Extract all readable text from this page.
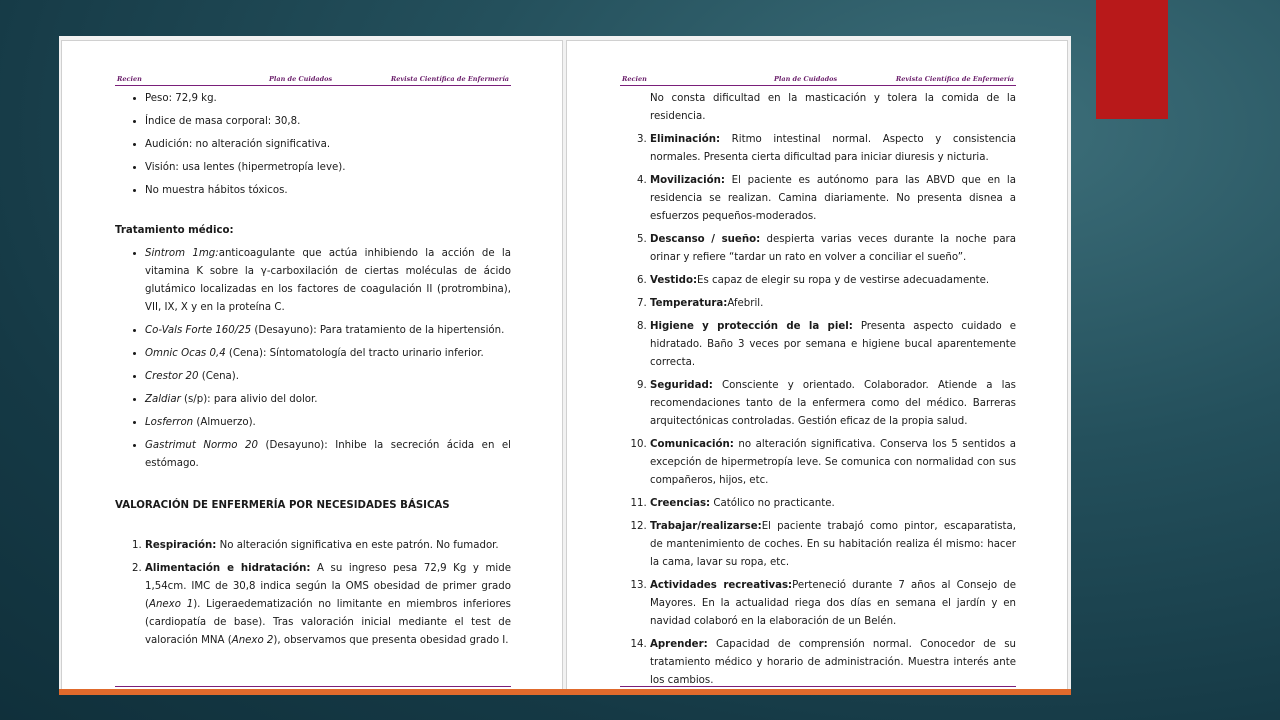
Recien	Plan de Cuidados	Revista Científica de Enfermería
• Peso: 72,9 kg.
• Índice de masa corporal: 30,8.
• Audición: no alteración significativa.
• Visión: usa lentes (hipermetropía leve).
• No muestra hábitos tóxicos.

Tratamiento médico:

• Sintrom 1mg:anticoagulante que actúa inhibiendo la acción de la vitamina K sobre la γ-carboxilación de ciertas moléculas de ácido glutámico localizadas en los factores de coagulación II (protrombina), VII, IX, X y en la proteína C.
• Co-Vals Forte 160/25 (Desayuno): Para tratamiento de la hipertensión.
• Omnic Ocas 0,4 (Cena): Síntomatología del tracto urinario inferior.
• Crestor 20 (Cena).
• Zaldiar (s/p): para alivio del dolor.
• Losferron (Almuerzo).
• Gastrimut Normo 20 (Desayuno): Inhibe la secreción ácida en el estómago.

VALORACIÓN DE ENFERMERÍA POR NECESIDADES BÁSICAS

1. Respiración: No alteración significativa en este patrón. No fumador.
2. Alimentación e hidratación: A su ingreso pesa 72,9 Kg y mide 1,54cm. IMC de 30,8 indica según la OMS obesidad de primer grado (Anexo 1). Ligeraedematización no limitante en miembros inferiores (cardiopatía de base). Tras valoración inicial mediante el test de valoración MNA (Anexo 2), observamos que presenta obesidad grado I.
Recien	Plan de Cuidados	Revista Científica de Enfermería
No consta dificultad en la masticación y tolera la comida de la residencia.
3. Eliminación: Ritmo intestinal normal. Aspecto y consistencia normales. Presenta cierta dificultad para iniciar diuresis y nicturia.
4. Movilización: El paciente es autónomo para las ABVD que en la residencia se realizan. Camina diariamente. No presenta disnea a esfuerzos pequeños-moderados.
5. Descanso / sueño: despierta varias veces durante la noche para orinar y refiere “tardar un rato en volver a conciliar el sueño”.
6. Vestido:Es capaz de elegir su ropa y de vestirse adecuadamente.
7. Temperatura:Afebril.
8. Higiene y protección de la piel: Presenta aspecto cuidado e hidratado. Baño 3 veces por semana e higiene bucal aparentemente correcta.
9. Seguridad: Consciente y orientado. Colaborador. Atiende a las recomendaciones tanto de la enfermera como del médico. Barreras arquitectónicas controladas. Gestión eficaz de la propia salud.
10. Comunicación: no alteración significativa. Conserva los 5 sentidos a excepción de hipermetropía leve. Se comunica con normalidad con sus compañeros, hijos, etc.
11. Creencias: Católico no practicante.
12. Trabajar/realizarse:El paciente trabajó como pintor, escaparatista, de mantenimiento de coches. En su habitación realiza él mismo: hacer la cama, lavar su ropa, etc.
13. Actividades recreativas:Perteneció durante 7 años al Consejo de Mayores. En la actualidad riega dos días en semana el jardín y en navidad colaboró en la elaboración de un Belén.
14. Aprender: Capacidad de comprensión normal. Conocedor de su tratamiento médico y horario de administración. Muestra interés ante los cambios.
